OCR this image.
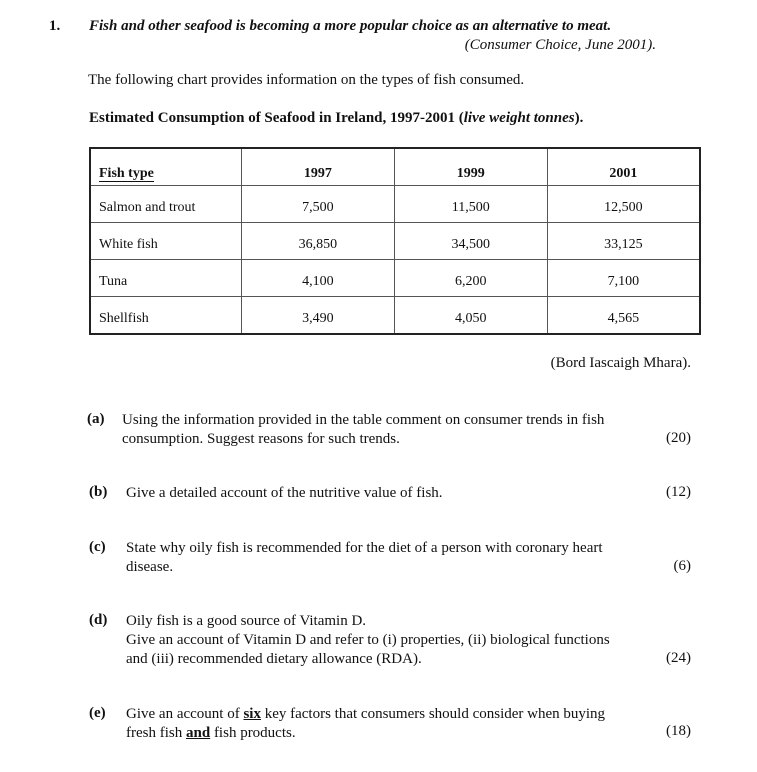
1. Fish and other seafood is becoming a more popular choice as an alternative to meat.

(Consumer Choice, June 2001).

The following chart provides information on the types of fish consumed.

Estimated Consumption of Seafood in Ireland, 1997-2001 (live weight tonnes).

Fish type	1997	1999	2001

Salmon and trout	7,500	11,500	12,500

White fish	36,850	34,500	33,125

Tuna	4,100	6,200	7,100

Shellfish	3,490	4,050	4,565

(Bord Iascaigh Mhara).

(a) Using the information provided in the table comment on consumer trends in fish
consumption. Suggest reasons for such trends.	(20)

(b) Give a detailed account of the nutritive value of fish.	(12)

(c) State why oily fish is recommended for the diet of a person with coronary heart
disease.	(6)

(d) Oily fish is a good source of Vitamin D.
Give an account of Vitamin D and refer to (i) properties, (ii) biological functions
and (iii) recommended dietary allowance (RDA).	(24)

(e) Give an account of six key factors that consumers should consider when buying
fresh fish and fish products.	(18)
